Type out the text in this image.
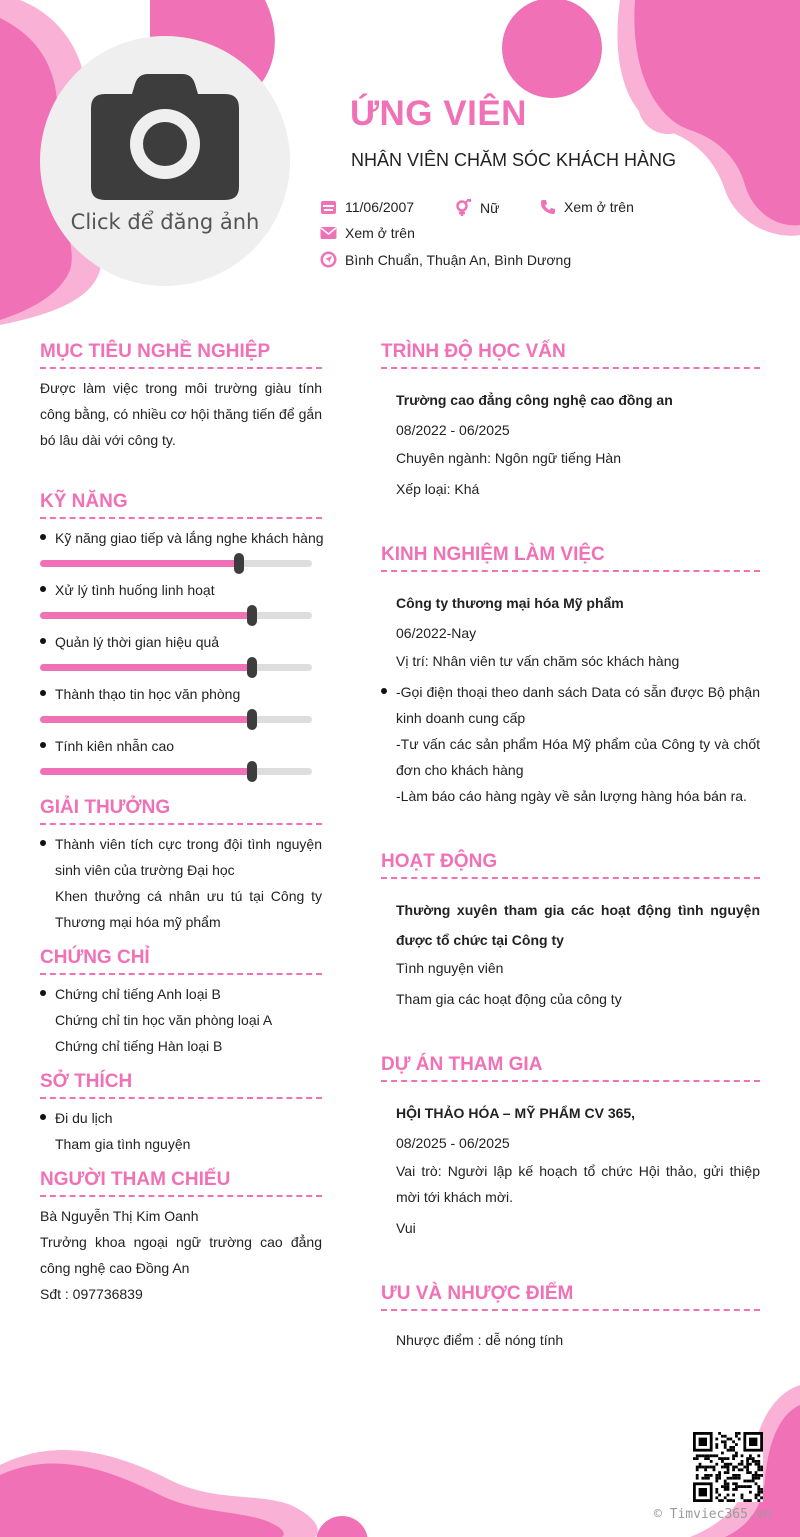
Click để đăng ảnh
ỨNG VIÊN
NHÂN VIÊN CHĂM SÓC KHÁCH HÀNG
11/06/2007	Nữ	Xem ở trên
Xem ở trên
Bình Chuẩn, Thuận An, Bình Dương
MỤC TIÊU NGHỀ NGHIỆP
Được làm việc trong môi trường giàu tính công bằng, có nhiều cơ hội thăng tiến để gắn bó lâu dài với công ty.
KỸ NĂNG
Kỹ năng giao tiếp và lắng nghe khách hàng
Xử lý tình huống linh hoạt
Quản lý thời gian hiệu quả
Thành thạo tin học văn phòng
Tính kiên nhẫn cao
GIẢI THƯỞNG
Thành viên tích cực trong đội tình nguyện sinh viên của trường Đại học
Khen thưởng cá nhân ưu tú tại Công ty Thương mại hóa mỹ phẩm
CHỨNG CHỈ
Chứng chỉ tiếng Anh loại B
Chứng chỉ tin học văn phòng loại A
Chứng chỉ tiếng Hàn loại B
SỞ THÍCH
Đi du lịch
Tham gia tình nguyện
NGƯỜI THAM CHIẾU
Bà Nguyễn Thị Kim Oanh
Trưởng khoa ngoại ngữ trường cao đẳng công nghệ cao Đồng An
Sđt : 097736839
TRÌNH ĐỘ HỌC VẤN
Trường cao đẳng công nghệ cao đồng an
08/2022 - 06/2025
Chuyên ngành: Ngôn ngữ tiếng Hàn
Xếp loại: Khá
KINH NGHIỆM LÀM VIỆC
Công ty thương mại hóa Mỹ phẩm
06/2022-Nay
Vị trí: Nhân viên tư vấn chăm sóc khách hàng
-Gọi điện thoại theo danh sách Data có sẵn được Bộ phận kinh doanh cung cấp
-Tư vấn các sản phẩm Hóa Mỹ phẩm của Công ty và chốt đơn cho khách hàng
-Làm báo cáo hàng ngày về sản lượng hàng hóa bán ra.
HOẠT ĐỘNG
Thường xuyên tham gia các hoạt động tình nguyện được tổ chức tại Công ty
Tình nguyện viên
Tham gia các hoạt động của công ty
DỰ ÁN THAM GIA
HỘI THẢO HÓA – MỸ PHẨM CV 365,
08/2025 - 06/2025
Vai trò: Người lập kế hoạch tổ chức Hội thảo, gửi thiệp mời tới khách mời.
Vui
ƯU VÀ NHƯỢC ĐIỂM
Nhược điểm : dễ nóng tính
© Timviec365.vn
